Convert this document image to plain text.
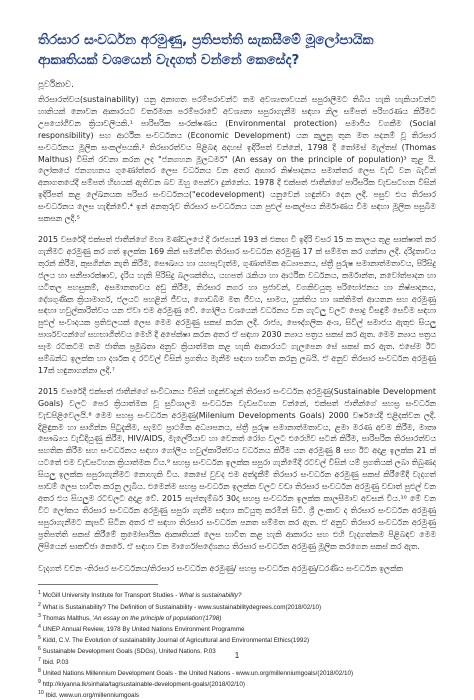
තිරසාර සංවර්ධන අරමුණු, ප්‍රතිපත්ති සැකසීමේ මූලෝපායික
ආකෘතියක් වශයෙන් වැදගත් වන්නේ කෙසේද?
පූර්විකාව.

තිරසාරත්වය(sustainability) යනු අනාගත පරම්පරාවන්ට තම අවශ්‍යතාවයන් සපුරාලීමට තිබිය හැකි හැකියාවන්ට හානියක් නොවන ආකාරයට වර්තමාන පරම්පරාවේ අවශ්‍යතා සපුරාගැනීම සඳහා නිල සම්පත් පරිහරණය කිරීමට උපයෝගීවන ක්‍රියාවලියකි.¹ පාරිසරික සංරක්ෂණය (Environmental protection) සමාජීය වගකීම (Social responsibility) සහ ආර්ථික සංවර්ධනය (Economic Development) යන කුලුනු තුන මත පදනම් වූ තිරසාර සංවර්ධනය මූලික සංකල්පයකි.² තිරසාරත්වය පිළිබඳ අදහස් ඉදිරිපත් වන්නේ, 1798 දී තෝමස් මැල්තස් (Thomas Malthus) විසින් රචනා කරන ලද "ජනගහන මූලධර්ම" (An essay on the principle of population)³ තුළ යි. ලෝකයේ ජනගහනය ගුණෝත්තර ලෙස වර්ධනය වන අතර ආහාර නිෂ්පාදනය සමාන්තර ලෙස වැඩි වන බැවින් අනාගතයේදී සම්පත් හිඟයක් ඇතිවන බව ඔහු පෙන්වා දුන්නේය. 1978 දී එක්සත් ජාතීන්ගේ පාරිසරික වැඩසටහන විසින් ඉදිරිපත් කළ ලේඛනයක පරිසර සංවර්ධනය("ecodevelopment) යනුවෙන් හඳුන්වා දෙන ලදී. පසුව එය තිරසාර සංවර්ධනය ලෙස හැඳින්වේ.⁴ ඉන් අනතුරුව තිරසාර සංවර්ධනය යන පුළුල් සංකල්පය නිර්මාණය වීම සඳහා මූලික පසුබිම සකසන ලදී.⁵

2015 වසරේදී එක්සත් ජාතීන්ගේ මහා මණ්ඩලයේ දී රාජ්‍යයන් 193 ක් එකඟ වී ඉදිරි වසර 15 ක කාලය තුළ සාක්ෂාත් කර ගැනීමට අරමුණු කර ගත් ඉලක්ක 169 කින් සමන්විත තිරසාර සංවර්ධන අරමුණු 17 ක් සම්මත කර ගන්නා ලදී. දරිද්‍රතාවය තුරන් කිරීම, කුසගින්න නැති කිරීම, සෞඛ්‍යය හා යහපැවැත්ම, ගුණාත්මක අධ්‍යාපනය, ස්ත්‍රී පුරුෂ සමානාත්මතාවය, පිරිසිදු ජලය හා සනීපාරක්ෂාව, දැරිය හැකි පිරිසිදු බලශක්තිය, යහපත් රැකියා හා ආර්ථික වර්ධනය, කර්මාන්ත, නවෝත්පාදන හා යටිතල පහසුකම්, අසමානතාවය අඩු කිරීම, තිරසාර නගර හා ප්‍රජාවන්, වගකිවයුතු පරිභෝජනය හා නිෂ්පාදනය, දේශගුණික ක්‍රියාමාර්ග, ජලයට පහළින් ජීවය, ගොඩබිම මත ජීවය, සාමය, යුක්තිය හා ශක්තිමත් ආයතන සහ අරමුණු සඳහා හවුල්කාරිත්වය යන ඒවා එම අරමුණු වේ. ගෝලීය වශයෙන් වර්ධනය වන ගැටලු වලට පොදු විසඳුම් සෙවීම සඳහා පුළුල් සංවාදයක ප්‍රතිඵලයක් ලෙස මෙම අරමුණු සකස් කරන ලදී. රාජ්‍ය, පෞද්ගලික අංශ, සිවිල් සමාජය ඇතුළු සියලු පාර්ශවයන්ගේ සහභාගීත්වය මෙහි දී අපේක්ෂා කරන අතර ඒ සඳහා 2030 න්‍යාය පත්‍රය සකස් කර ඇත. මෙම න්‍යාය පත්‍රය සෑම රටකටම තම ජාතික ප්‍රමුඛතා අනුව ක්‍රියාත්මක කළ හැකි ආකාරයට ගැලපෙන සේ සකස් කර ඇත. එසේම ඊට සම්බන්ධ ඉලක්ක හා දර්ශක ද රටවල් විසින් ප්‍රගතිය මැනීම සඳහා භාවිත කරනු ලබයි. ඒ අනුව තිරසාර සංවර්ධන අරමුණු 17ක් හඳුනාගන්නා ලදී.⁷

2015 වසරේදී එක්සත් ජාතීන්ගේ සංවිධානය විසින් හඳුන්වාදුන් තිරසාර සංවර්ධන අරමුණු(Sustainable Development Goals) වලට පෙර ක්‍රියාත්මක වූ සුවිශාලම සංවර්ධන වැඩසටහන වන්නේ, එක්සත් ජාතීන්ගේ සහස්‍ර සංවර්ධන වැඩපිළිවෙලයි.⁸ මෙම සහස්‍ර සංවර්ධන අරමුණු(Milenium Developments Goals) 2000 වර්ෂයේදී එළිදක්වන ලදී. දිළිඳුකම හා සාගින්න පිටුදැකීම, සැමට ප්‍රාථමික අධ්‍යාපනය, ස්ත්‍රී පුරුෂ සමානාත්මතාවය, ළමා මරණ අවම කිරීම, මාතෘ සෞඛ්‍යය වැඩිදියුණු කිරීම, HIV/AIDS, මැලේරියාව හා වෙනත් රෝග වලට එරෙහිව සටන් කිරීම, පාරිසරික තිරසාරත්වය සහතික කිරීම සහ සංවර්ධනය සඳහා ගෝලීය හවුල්කාරිත්වය වර්ධනය කිරීම යන අරමුණු 8 සහ ඊට අදාළ ඉලක්ක 21 ක් යටතේ එම වැඩසටහන ක්‍රියාත්මක විය.⁹ සහස්‍ර සංවර්ධන ඉලක්ක සපුරා ගැනීමේදී රටවල් විසින් යම් ප්‍රගතියක් ලබා තිබුණද සියලු ඉලක්ක සපුරාගැනීමට නොහැකි විය. කෙසේ වුවද එම අත්දැකීම් තිරසාර සංවර්ධන අරමුණු සකස් කිරීමේදී වැදගත් පාඩම් ලෙස භාවිත කරනු ලැබීය. එමෙන්ම සහස්‍ර සංවර්ධන ඉලක්ක වලට වඩා තිරසාර සංවර්ධන අරමුණු වඩාත් පුළුල් වන අතර එය සියලුම රටවලට අදාළ වේ. 2015 සැප්තැම්බර් 30දා සහස්‍ර සංවර්ධන ඉලක්ක කාලසීමාව අවසන් විය.¹⁰ මේ වන විට ලෝකය තිරසාර සංවර්ධන අරමුණු සපුරා ගැනීම සඳහා කටයුතු කරමින් සිටී. ශ්‍රී ලංකාව ද තිරසාර සංවර්ධන අරමුණු සපුරාගැනීමට කැපවී සිටින අතර ඒ සඳහා තිරසාර සංවර්ධන පනත සම්මත කර ඇත. ඒ අනුව තිරසාර සංවර්ධන අරමුණු ප්‍රතිපත්ති සකස් කිරීමේ ක්‍රමෝපායික ආකෘතියක් ලෙස භාවිත කළ හැකි ආකාරය සහ එහි වැදගත්කම පිළිබඳව මෙම ලිපියෙන් සාකච්ඡා කෙරේ. ඒ සඳහා වන මාර්ගෝපදේශනය තිරසාර සංවර්ධන අරමුණු මූලික කරගෙන සකස් කර ඇත.

වැදගත් වචන -තිරසර සංවර්ධනය/තිරසාර සංවර්ධන අරමුණු/ සහස්‍ර සංවර්ධන අරමුණු/ධරණීය සංවර්ධන ඉලක්ක
$^1$ McGill University Institute for Transport Studies - What is sustainability?
$^2$ What is Sustainability? The Definition of Sustainability - www.sustainabilitydegrees.com(2018/02/10)
$^3$ Thomas Malthus, 'An essay on the principle of population'(1798)
$^4$ UNEP Annual Review, 1978 By United Nations Environment Programme
$^5$ Kidd, C.V. The Evolution of sustainability Journal of Agricultural and Environmental Ethics(1992)
$^6$ Sustainable Development Goals (SDGs), United Nations. P.03
$^7$ Ibid. P.03
$^8$ United Nations Millennium Development Goals - the United Nations - www.un.org/millenniumgoals/(2018/02/10)
$^9$ http://kiyanna.lk/sinhala/tag/sustainable-development-goals/(2018/02/10)
$^{10}$ Ibid. www.un.org/millenniumgoals
1
